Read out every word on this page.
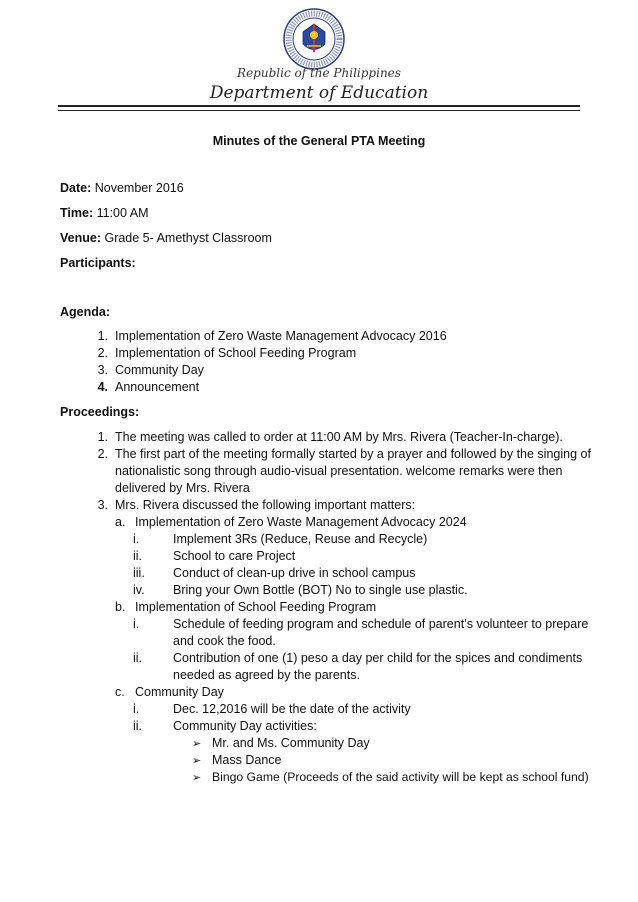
Republic of the Philippines
Department of Education
Minutes of the General PTA Meeting
Date: November 2016
Time: 11:00 AM
Venue: Grade 5- Amethyst Classroom
Participants:
Agenda:
1. Implementation of Zero Waste Management Advocacy 2016
2. Implementation of School Feeding Program
3. Community Day
4. Announcement
Proceedings:
1. The meeting was called to order at 11:00 AM by Mrs. Rivera (Teacher-In-charge).
2. The first part of the meeting formally started by a prayer and followed by the singing of
nationalistic song through audio-visual presentation. welcome remarks were then
delivered by Mrs. Rivera
3. Mrs. Rivera discussed the following important matters:
a. Implementation of Zero Waste Management Advocacy 2024
i.	Implement 3Rs (Reduce, Reuse and Recycle)
ii. School to care Project
iii. Conduct of clean-up drive in school campus
iv. Bring your Own Bottle (BOT) No to single use plastic.
b. Implementation of School Feeding Program
i.	Schedule of feeding program and schedule of parent’s volunteer to prepare
and cook the food.
ii. Contribution of one (1) peso a day per child for the spices and condiments
needed as agreed by the parents.
c. Community Day
i.	Dec. 12,2016 will be the date of the activity
ii. Community Day activities:
➢ Mr. and Ms. Community Day
➢ Mass Dance
➢ Bingo Game (Proceeds of the said activity will be kept as school fund)
